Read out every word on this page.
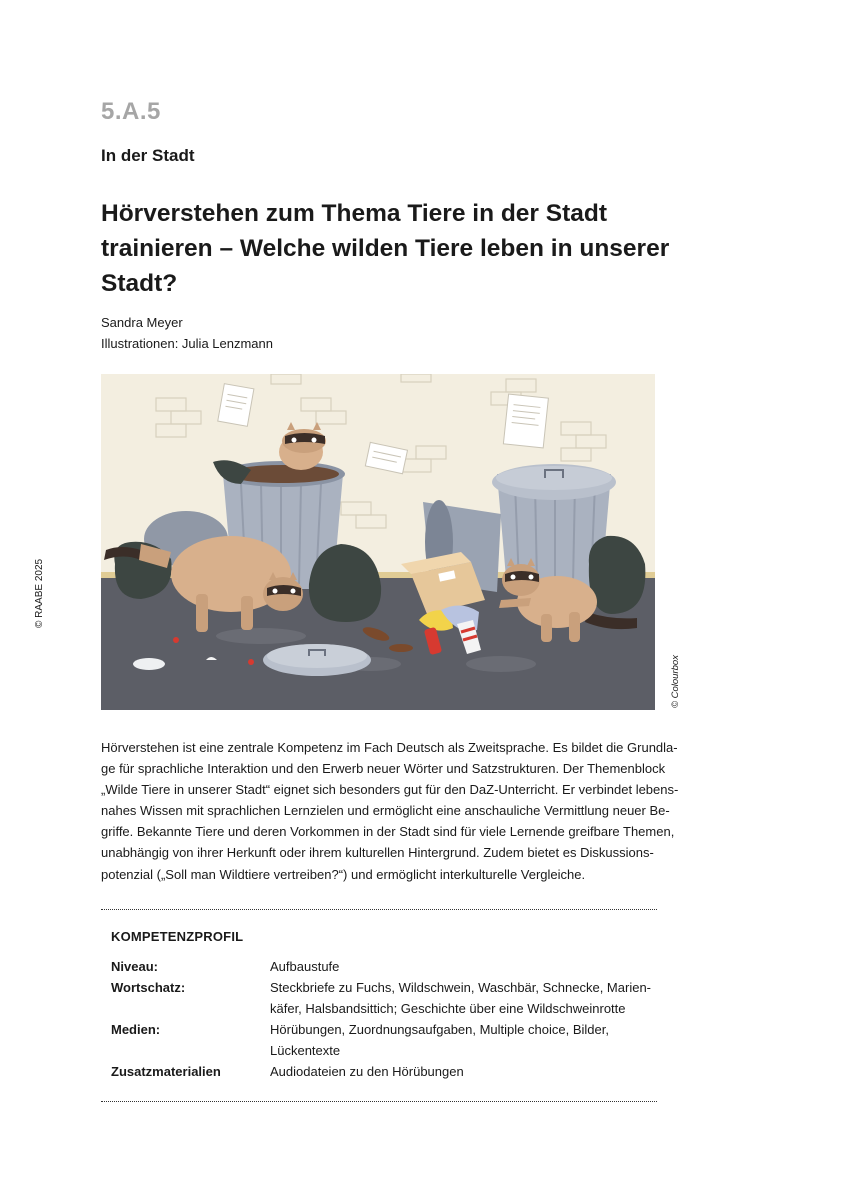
5.A.5
In der Stadt
Hörverstehen zum Thema Tiere in der Stadt
trainieren – Welche wilden Tiere leben in unserer
Stadt?
Sandra Meyer
Illustrationen: Julia Lenzmann
© RAABE 2025
© Colourbox

Hörverstehen ist eine zentrale Kompetenz im Fach Deutsch als Zweitsprache. Es bildet die Grundla-
ge für sprachliche Interaktion und den Erwerb neuer Wörter und Satzstrukturen. Der Themenblock
„Wilde Tiere in unserer Stadt“ eignet sich besonders gut für den DaZ-Unterricht. Er verbindet lebens-
nahes Wissen mit sprachlichen Lernzielen und ermöglicht eine anschauliche Vermittlung neuer Be-
griffe. Bekannte Tiere und deren Vorkommen in der Stadt sind für viele Lernende greifbare Themen,
unabhängig von ihrer Herkunft oder ihrem kulturellen Hintergrund. Zudem bietet es Diskussions-
potenzial („Soll man Wildtiere vertreiben?“) und ermöglicht interkulturelle Vergleiche.

KOMPETENZPROFIL
Niveau:	Aufbaustufe
Wortschatz:	Steckbriefe zu Fuchs, Wildschwein, Waschbär, Schnecke, Marien-
käfer, Halsbandsittich; Geschichte über eine Wildschweinrotte
Medien:	Hörübungen, Zuordnungsaufgaben, Multiple choice, Bilder,
Lückentexte
Zusatzmaterialien	Audiodateien zu den Hörübungen
